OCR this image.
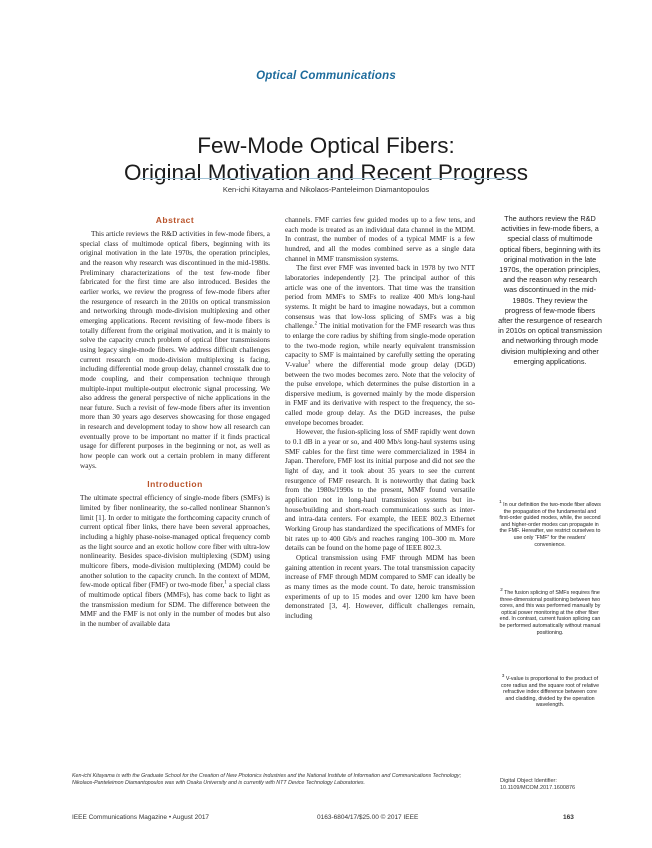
Optical Communications
Few-Mode Optical Fibers:
Original Motivation and Recent Progress
Ken-ichi Kitayama and Nikolaos-Panteleimon Diamantopoulos
Abstract

This article reviews the R&D activities in few-mode fibers, a special class of multimode optical fibers, beginning with its original motivation in the late 1970s, the operation principles, and the reason why research was discontinued in the mid-1980s. Preliminary characterizations of the test few-mode fiber fabricated for the first time are also introduced. Besides the earlier works, we review the progress of few-mode fibers after the resurgence of research in the 2010s on optical transmission and networking through mode-division multiplexing and other emerging applications. Recent revisiting of few-mode fibers is totally different from the original motivation, and it is mainly to solve the capacity crunch problem of optical fiber transmissions using legacy single-mode fibers. We address difficult challenges current research on mode-division multiplexing is facing, including differential mode group delay, channel crosstalk due to mode coupling, and their compensation technique through multiple-input multiple-output electronic signal processing. We also address the general perspective of niche applications in the near future. Such a revisit of few-mode fibers after its invention more than 30 years ago deserves showcasing for those engaged in research and development today to show how all research can eventually prove to be important no matter if it finds practical usage for different purposes in the beginning or not, as well as how people can work out a certain problem in many different ways.

Introduction

The ultimate spectral efficiency of single-mode fibers (SMFs) is limited by fiber nonlinearity, the so-called nonlinear Shannon’s limit [1]. In order to mitigate the forthcoming capacity crunch of current optical fiber links, there have been several approaches, including a highly phase-noise-managed optical frequency comb as the light source and an exotic hollow core fiber with ultra-low nonlinearity. Besides space-division multiplexing (SDM) using multicore fibers, mode-division multiplexing (MDM) could be another solution to the capacity crunch. In the context of MDM, few-mode optical fiber (FMF) or two-mode fiber,$^1$ a special class of multimode optical fibers (MMFs), has come back to light as the transmission medium for SDM. The difference between the MMF and the FMF is not only in the number of modes but also in the number of available data

channels. FMF carries few guided modes up to a few tens, and each mode is treated as an individual data channel in the MDM. In contrast, the number of modes of a typical MMF is a few hundred, and all the modes combined serve as a single data channel in MMF transmission systems.

The first ever FMF was invented back in 1978 by two NTT laboratories independently [2]. The principal author of this article was one of the inventors. That time was the transition period from MMFs to SMFs to realize 400 Mb/s long-haul systems. It might be hard to imagine nowadays, but a common consensus was that low-loss splicing of SMFs was a big challenge.$^2$ The initial motivation for the FMF research was thus to enlarge the core radius by shifting from single-mode operation to the two-mode region, while nearly equivalent transmission capacity to SMF is maintained by carefully setting the operating V-value$^3$ where the differential mode group delay (DGD) between the two modes becomes zero. Note that the velocity of the pulse envelope, which determines the pulse distortion in a dispersive medium, is governed mainly by the mode dispersion in FMF and its derivative with respect to the frequency, the so-called mode group delay. As the DGD increases, the pulse envelope becomes broader.

However, the fusion-splicing loss of SMF rapidly went down to 0.1 dB in a year or so, and 400 Mb/s long-haul systems using SMF cables for the first time were commercialized in 1984 in Japan. Therefore, FMF lost its initial purpose and did not see the light of day, and it took about 35 years to see the current resurgence of FMF research. It is noteworthy that dating back from the 1980s/1990s to the present, MMF found versatile application not in long-haul transmission systems but in-house/building and short-reach communications such as inter- and intra-data centers. For example, the IEEE 802.3 Ethernet Working Group has standardized the specifications of MMFs for bit rates up to 400 Gb/s and reaches ranging 100–300 m. More details can be found on the home page of IEEE 802.3.

Optical transmission using FMF through MDM has been gaining attention in recent years. The total transmission capacity increase of FMF through MDM compared to SMF can ideally be as many times as the mode count. To date, heroic transmission experiments of up to 15 modes and over 1200 km have been demonstrated [3, 4]. However, difficult challenges remain, including

The authors review the R&D activities in few-mode fibers, a special class of multimode optical fibers, beginning with its original motivation in the late 1970s, the operation principles, and the reason why research was discontinued in the mid-1980s. They review the progress of few-mode fibers after the resurgence of research in 2010s on optical transmission and networking through mode division multiplexing and other emerging applications.
$^1$ In our definition the two-mode fiber allows the propagation of the fundamental and first-order guided modes, while, the second and higher-order modes can propagate in the FMF. Hereafter, we restrict ourselves to use only “FMF” for the readers’ convenience.
$^2$ The fusion splicing of SMFs requires fine three-dimensional positioning between two cores, and this was performed manually by optical power monitoring at the other fiber end. In contrast, current fusion splicing can be performed automatically without manual positioning.
$^3$ V-value is proportional to the product of core radius and the square root of relative refractive index difference between core and cladding, divided by the operation wavelength.
Ken-ichi Kitayama is with the Graduate School for the Creation of New Photonics Industries and the National Institute of Information and Communications Technology; Nikolaos-Panteleimon Diamantopoulos was with Osaka University and is currently with NTT Device Technology Laboratories.	Digital Object Identifier:
10.1109/MCOM.2017.1600876
IEEE Communications Magazine • August 2017	0163-6804/17/$25.00 © 2017 IEEE	163
